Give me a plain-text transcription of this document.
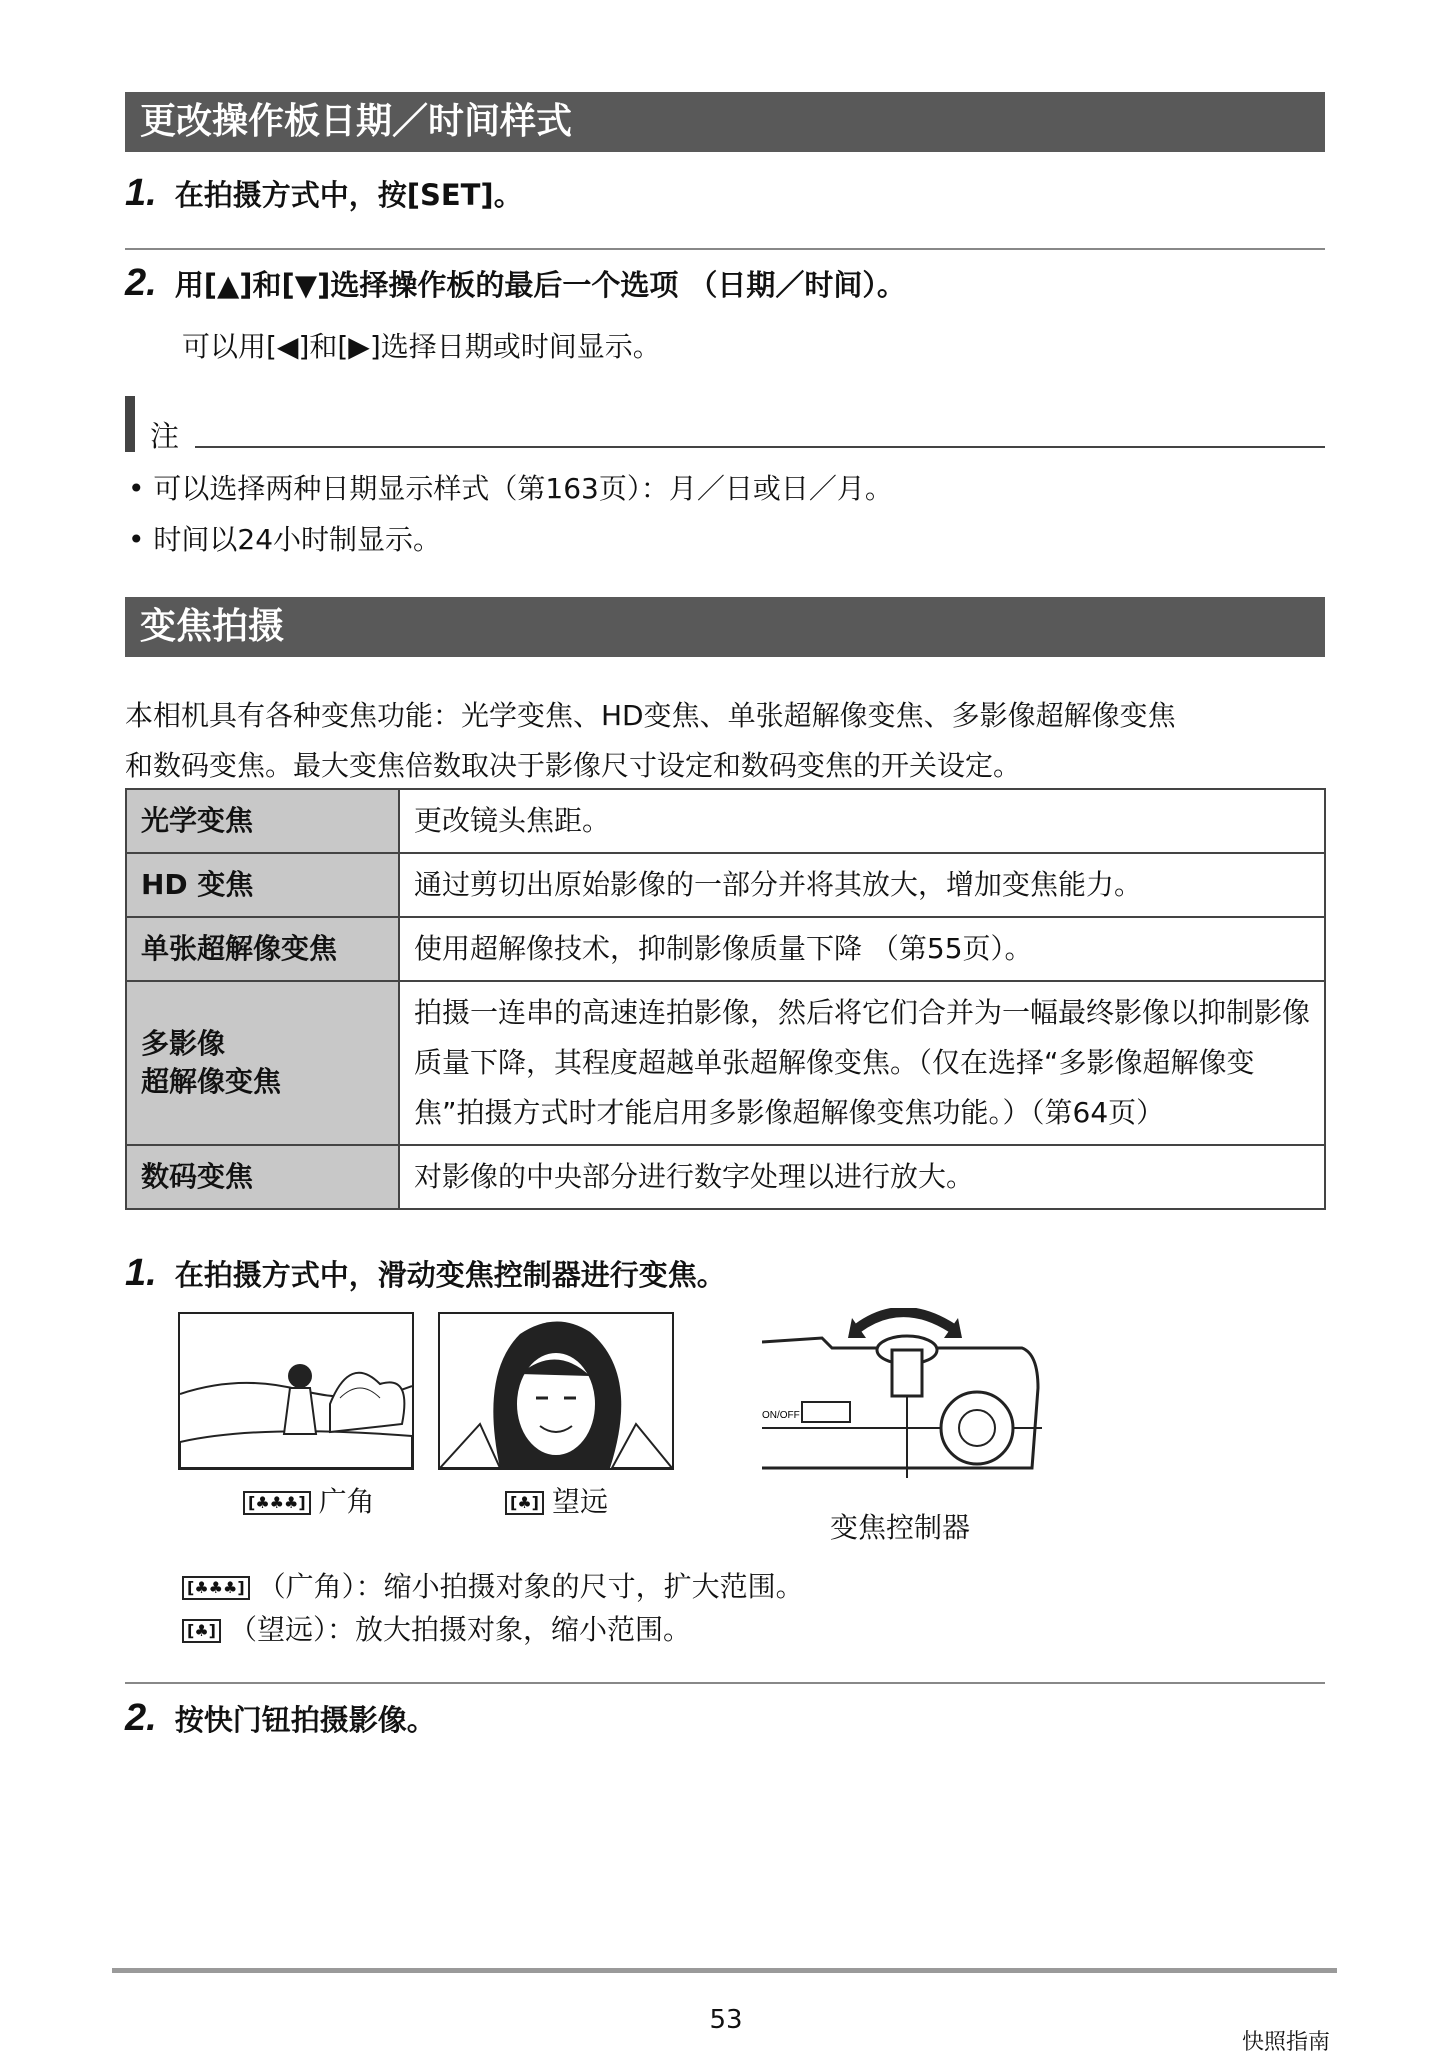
更改操作板日期／时间样式
1. 在拍摄方式中，按[SET]。
2. 用[▲]和[▼]选择操作板的最后一个选项 （日期／时间）。
可以用[◀]和[▶]选择日期或时间显示。
注
• 可以选择两种日期显示样式（第163页）：月／日或日／月。
• 时间以24小时制显示。
变焦拍摄
本相机具有各种变焦功能：光学变焦、HD变焦、单张超解像变焦、多影像超解像变焦
和数码变焦。最大变焦倍数取决于影像尺寸设定和数码变焦的开关设定。
光学变焦	更改镜头焦距。
HD 变焦	通过剪切出原始影像的一部分并将其放大，增加变焦能力。
单张超解像变焦	使用超解像技术，抑制影像质量下降 （第55页）。
多影像
超解像变焦	拍摄一连串的高速连拍影像，然后将它们合并为一幅最终影像以抑制影像质量下降，其程度超越单张超解像变焦。（仅在选择“多影像超解像变焦”拍摄方式时才能启用多影像超解像变焦功能。）（第64页）
数码变焦	对影像的中央部分进行数字处理以进行放大。
1. 在拍摄方式中，滑动变焦控制器进行变焦。
[♣♣♣] 广角	[♣] 望远
ON/OFF
变焦控制器
[♣♣♣] （广角）：缩小拍摄对象的尺寸，扩大范围。
[♣] （望远）：放大拍摄对象，缩小范围。
2. 按快门钮拍摄影像。
53
快照指南
